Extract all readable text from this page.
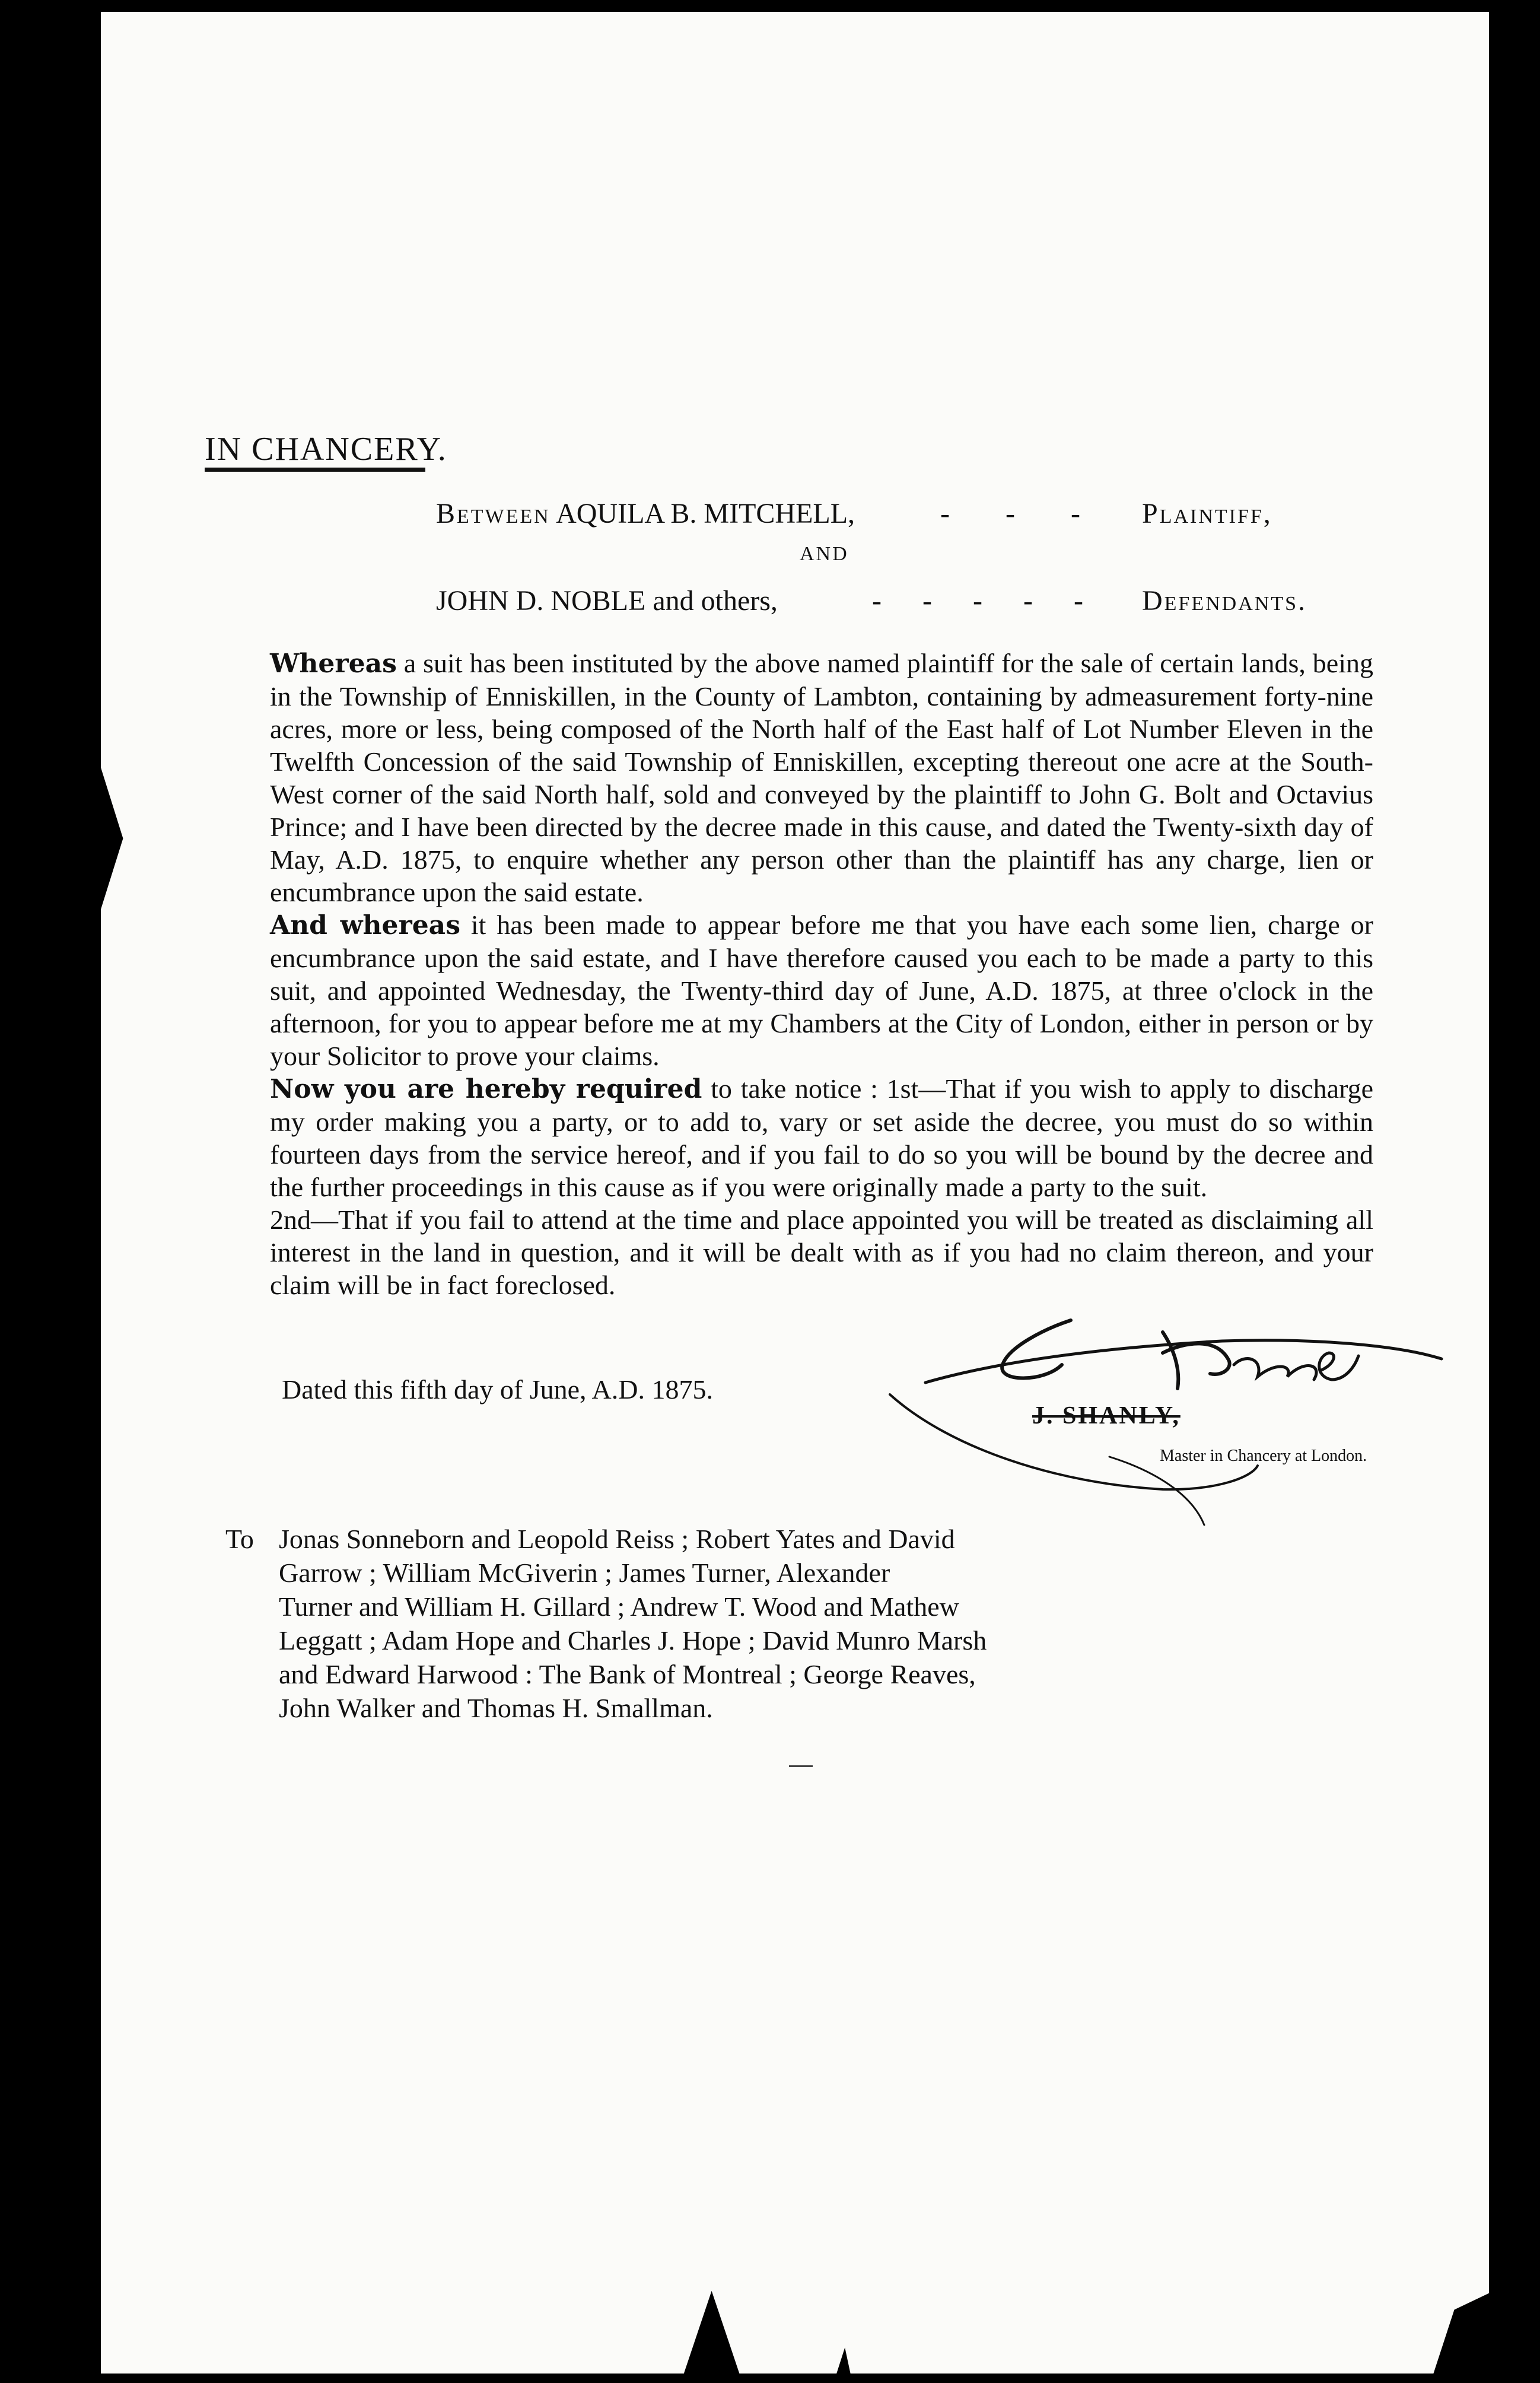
IN CHANCERY.
Between AQUILA B. MITCHELL,	- - - Plaintiff,
AND
JOHN D. NOBLE and others,	- - - - - Defendants.

Whereas a suit has been instituted by the above named plaintiff for the sale of certain lands, being in the Township of Enniskillen, in the County of Lambton, containing by admeasurement forty-nine acres, more or less, being composed of the North half of the East half of Lot Number Eleven in the Twelfth Concession of the said Township of Enniskillen, excepting thereout one acre at the South-West corner of the said North half, sold and conveyed by the plaintiff to John G. Bolt and Octavius Prince; and I have been directed by the decree made in this cause, and dated the Twenty-sixth day of May, A.D. 1875, to enquire whether any person other than the plaintiff has any charge, lien or encumbrance upon the said estate.

And whereas it has been made to appear before me that you have each some lien, charge or encumbrance upon the said estate, and I have therefore caused you each to be made a party to this suit, and appointed Wednesday, the Twenty-third day of June, A.D. 1875, at three o'clock in the afternoon, for you to appear before me at my Chambers at the City of London, either in person or by your Solicitor to prove your claims.

Now you are hereby required to take notice : 1st—That if you wish to apply to discharge my order making you a party, or to add to, vary or set aside the decree, you must do so within fourteen days from the service hereof, and if you fail to do so you will be bound by the decree and the further proceedings in this cause as if you were originally made a party to the suit.

2nd—That if you fail to attend at the time and place appointed you will be treated as disclaiming all interest in the land in question, and it will be dealt with as if you had no claim thereon, and your claim will be in fact foreclosed.

Dated this fifth day of June, A.D. 1875.
J. SHANLY,
Master in Chancery at London.
To Jonas Sonneborn and Leopold Reiss ; Robert Yates and David
Garrow ; William McGiverin ; James Turner, Alexander
Turner and William H. Gillard ; Andrew T. Wood and Mathew
Leggatt ; Adam Hope and Charles J. Hope ; David Munro Marsh
and Edward Harwood : The Bank of Montreal ; George Reaves,
John Walker and Thomas H. Smallman.
